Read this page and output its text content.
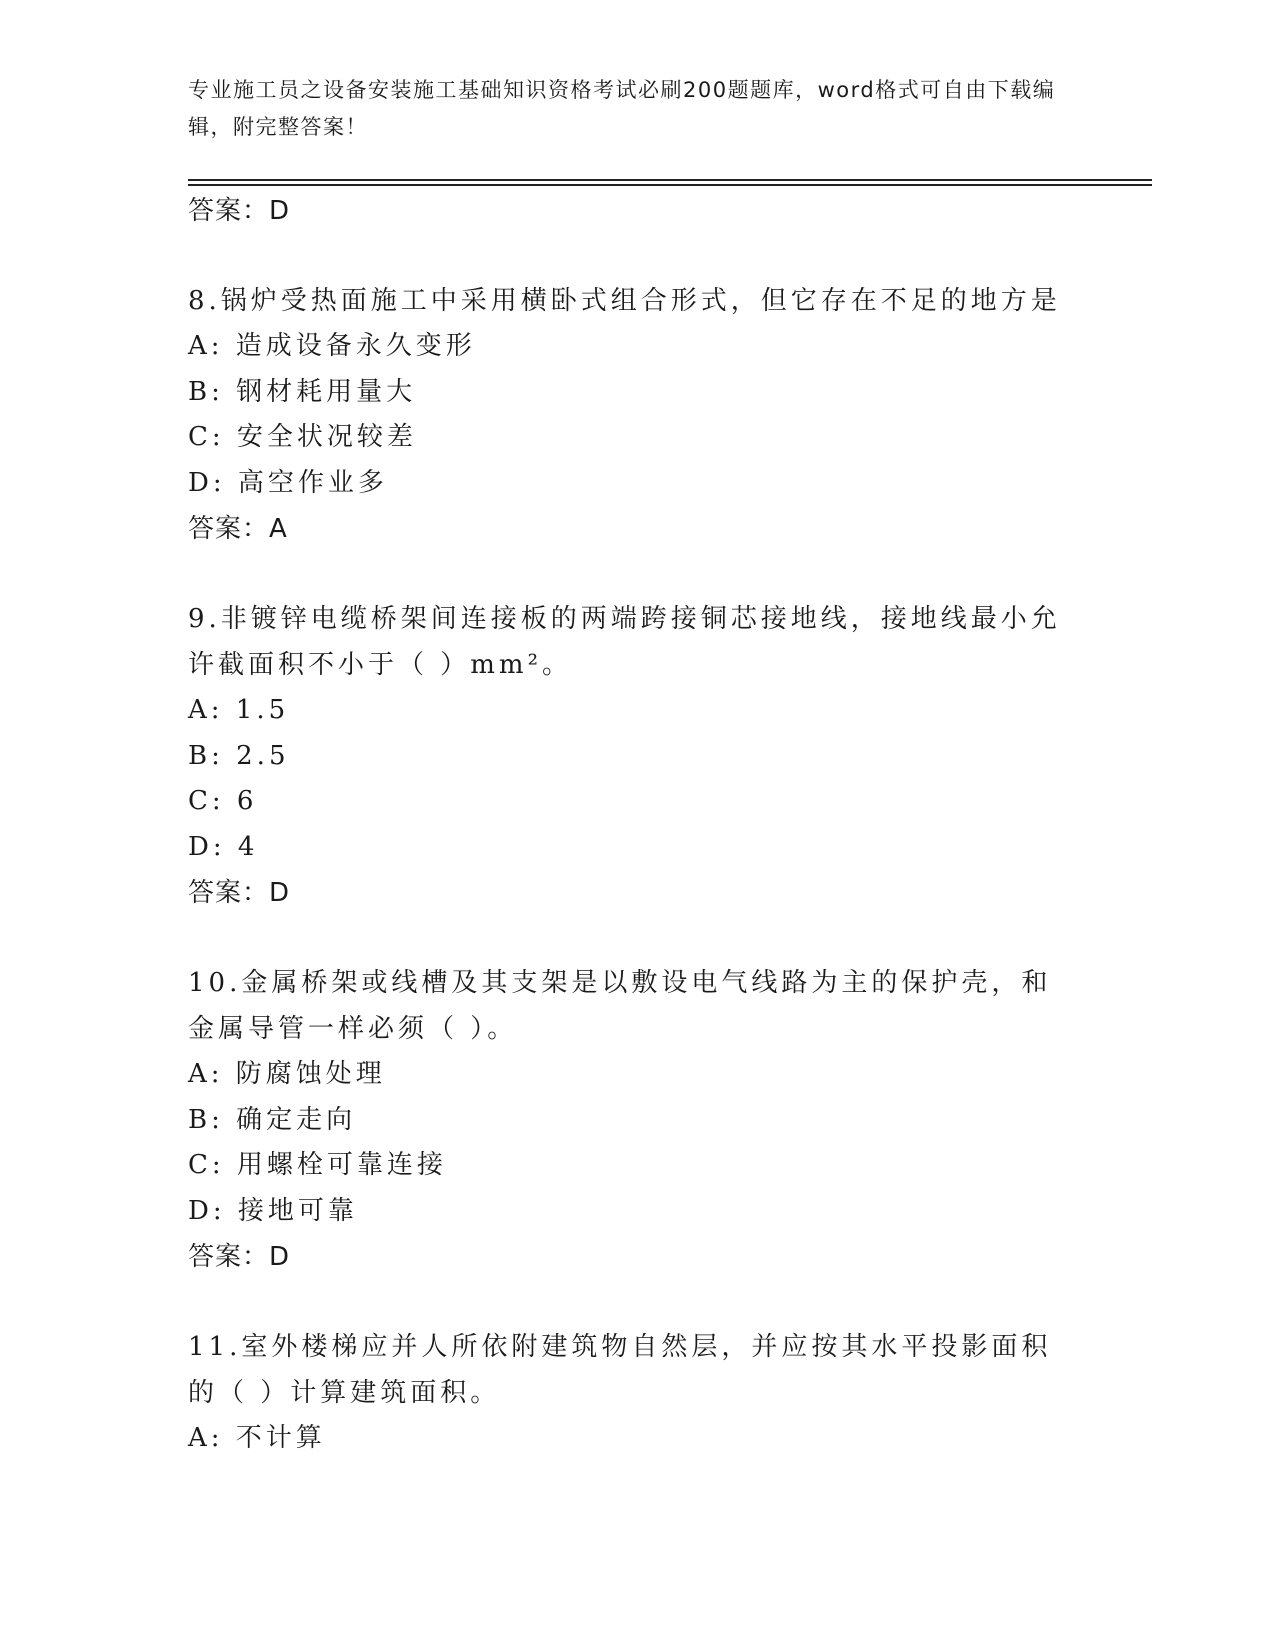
专业施工员之设备安装施工基础知识资格考试必刷200题题库，word格式可自由下载编辑，附完整答案！

答案：D

8.锅炉受热面施工中采用横卧式组合形式，但它存在不足的地方是

A: 造成设备永久变形

B: 钢材耗用量大

C: 安全状况较差

D: 高空作业多

答案：A

9.非镀锌电缆桥架间连接板的两端跨接铜芯接地线，接地线最小允许截面积不小于（ ）mm²。

A: 1.5

B: 2.5

C: 6

D: 4

答案：D

10.金属桥架或线槽及其支架是以敷设电气线路为主的保护壳，和金属导管一样必须（ ）。

A: 防腐蚀处理

B: 确定走向

C: 用螺栓可靠连接

D: 接地可靠

答案：D

11.室外楼梯应并人所依附建筑物自然层，并应按其水平投影面积的（ ）计算建筑面积。

A: 不计算
